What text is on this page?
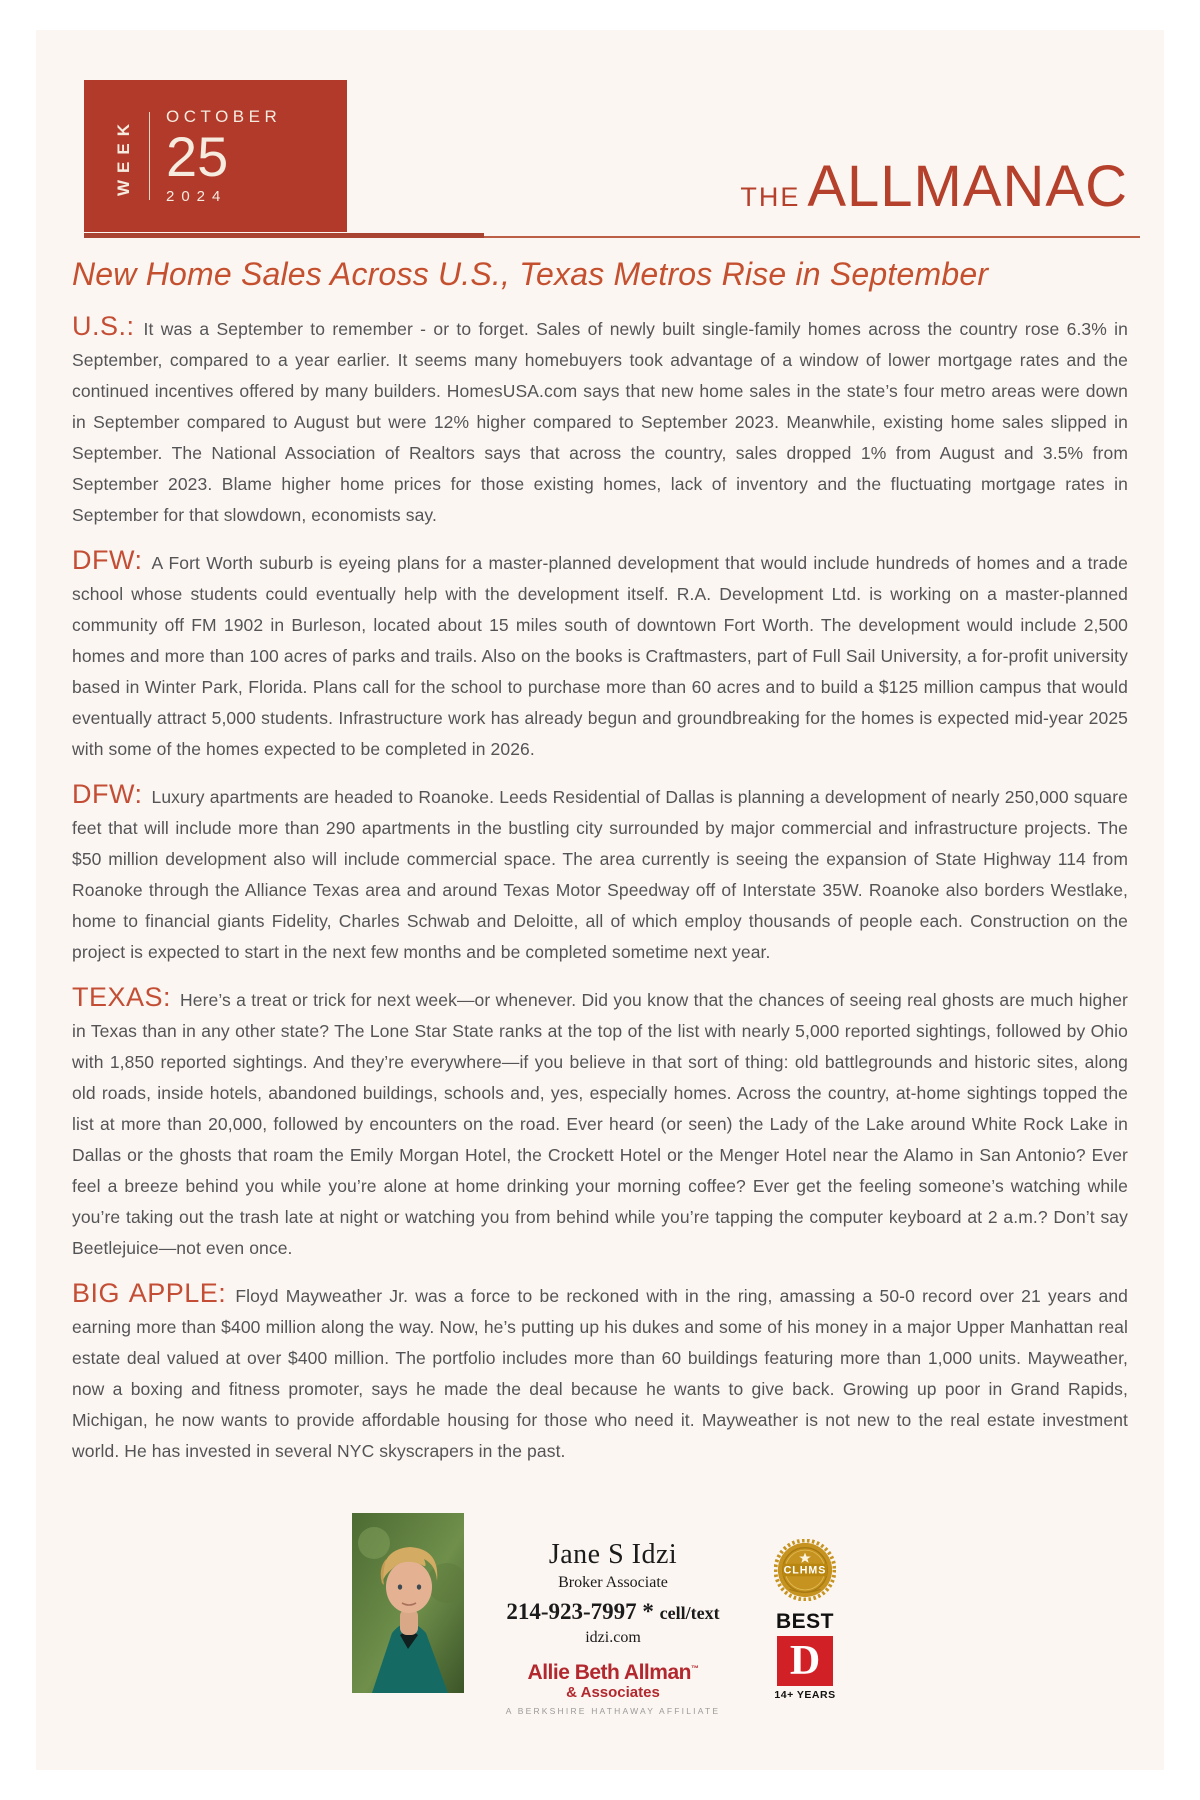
WEEK OCTOBER
25
2024	THE ALLMANAC
New Home Sales Across U.S., Texas Metros Rise in September

U.S.: It was a September to remember - or to forget. Sales of newly built single-family homes across the country rose 6.3% in September, compared to a year earlier. It seems many homebuyers took advantage of a window of lower mortgage rates and the continued incentives offered by many builders. HomesUSA.com says that new home sales in the state’s four metro areas were down in September compared to August but were 12% higher compared to September 2023. Meanwhile, existing home sales slipped in September. The National Association of Realtors says that across the country, sales dropped 1% from August and 3.5% from September 2023. Blame higher home prices for those existing homes, lack of inventory and the fluctuating mortgage rates in September for that slowdown, economists say.

DFW: A Fort Worth suburb is eyeing plans for a master-planned development that would include hundreds of homes and a trade school whose students could eventually help with the development itself. R.A. Development Ltd. is working on a master-planned community off FM 1902 in Burleson, located about 15 miles south of downtown Fort Worth. The development would include 2,500 homes and more than 100 acres of parks and trails. Also on the books is Craftmasters, part of Full Sail University, a for-profit university based in Winter Park, Florida. Plans call for the school to purchase more than 60 acres and to build a $125 million campus that would eventually attract 5,000 students. Infrastructure work has already begun and groundbreaking for the homes is expected mid-year 2025 with some of the homes expected to be completed in 2026.

DFW: Luxury apartments are headed to Roanoke. Leeds Residential of Dallas is planning a development of nearly 250,000 square feet that will include more than 290 apartments in the bustling city surrounded by major commercial and infrastructure projects. The $50 million development also will include commercial space. The area currently is seeing the expansion of State Highway 114 from Roanoke through the Alliance Texas area and around Texas Motor Speedway off of Interstate 35W. Roanoke also borders Westlake, home to financial giants Fidelity, Charles Schwab and Deloitte, all of which employ thousands of people each. Construction on the project is expected to start in the next few months and be completed sometime next year.

TEXAS: Here’s a treat or trick for next week—or whenever. Did you know that the chances of seeing real ghosts are much higher in Texas than in any other state? The Lone Star State ranks at the top of the list with nearly 5,000 reported sightings, followed by Ohio with 1,850 reported sightings. And they’re everywhere—if you believe in that sort of thing: old battlegrounds and historic sites, along old roads, inside hotels, abandoned buildings, schools and, yes, especially homes. Across the country, at-home sightings topped the list at more than 20,000, followed by encounters on the road. Ever heard (or seen) the Lady of the Lake around White Rock Lake in Dallas or the ghosts that roam the Emily Morgan Hotel, the Crockett Hotel or the Menger Hotel near the Alamo in San Antonio? Ever feel a breeze behind you while you’re alone at home drinking your morning coffee? Ever get the feeling someone’s watching while you’re taking out the trash late at night or watching you from behind while you’re tapping the computer keyboard at 2 a.m.? Don’t say Beetlejuice—not even once.

BIG APPLE: Floyd Mayweather Jr. was a force to be reckoned with in the ring, amassing a 50-0 record over 21 years and earning more than $400 million along the way. Now, he’s putting up his dukes and some of his money in a major Upper Manhattan real estate deal valued at over $400 million. The portfolio includes more than 60 buildings featuring more than 1,000 units. Mayweather, now a boxing and fitness promoter, says he made the deal because he wants to give back. Growing up poor in Grand Rapids, Michigan, he now wants to provide affordable housing for those who need it. Mayweather is not new to the real estate investment world. He has invested in several NYC skyscrapers in the past.

Jane S Idzi
Broker Associate
214-923-7997 * cell/text
idzi.com
Allie Beth Allman™
& Associates
A BERKSHIRE HATHAWAY AFFILIATE
CLHMS
BEST
D
14+ YEARS
